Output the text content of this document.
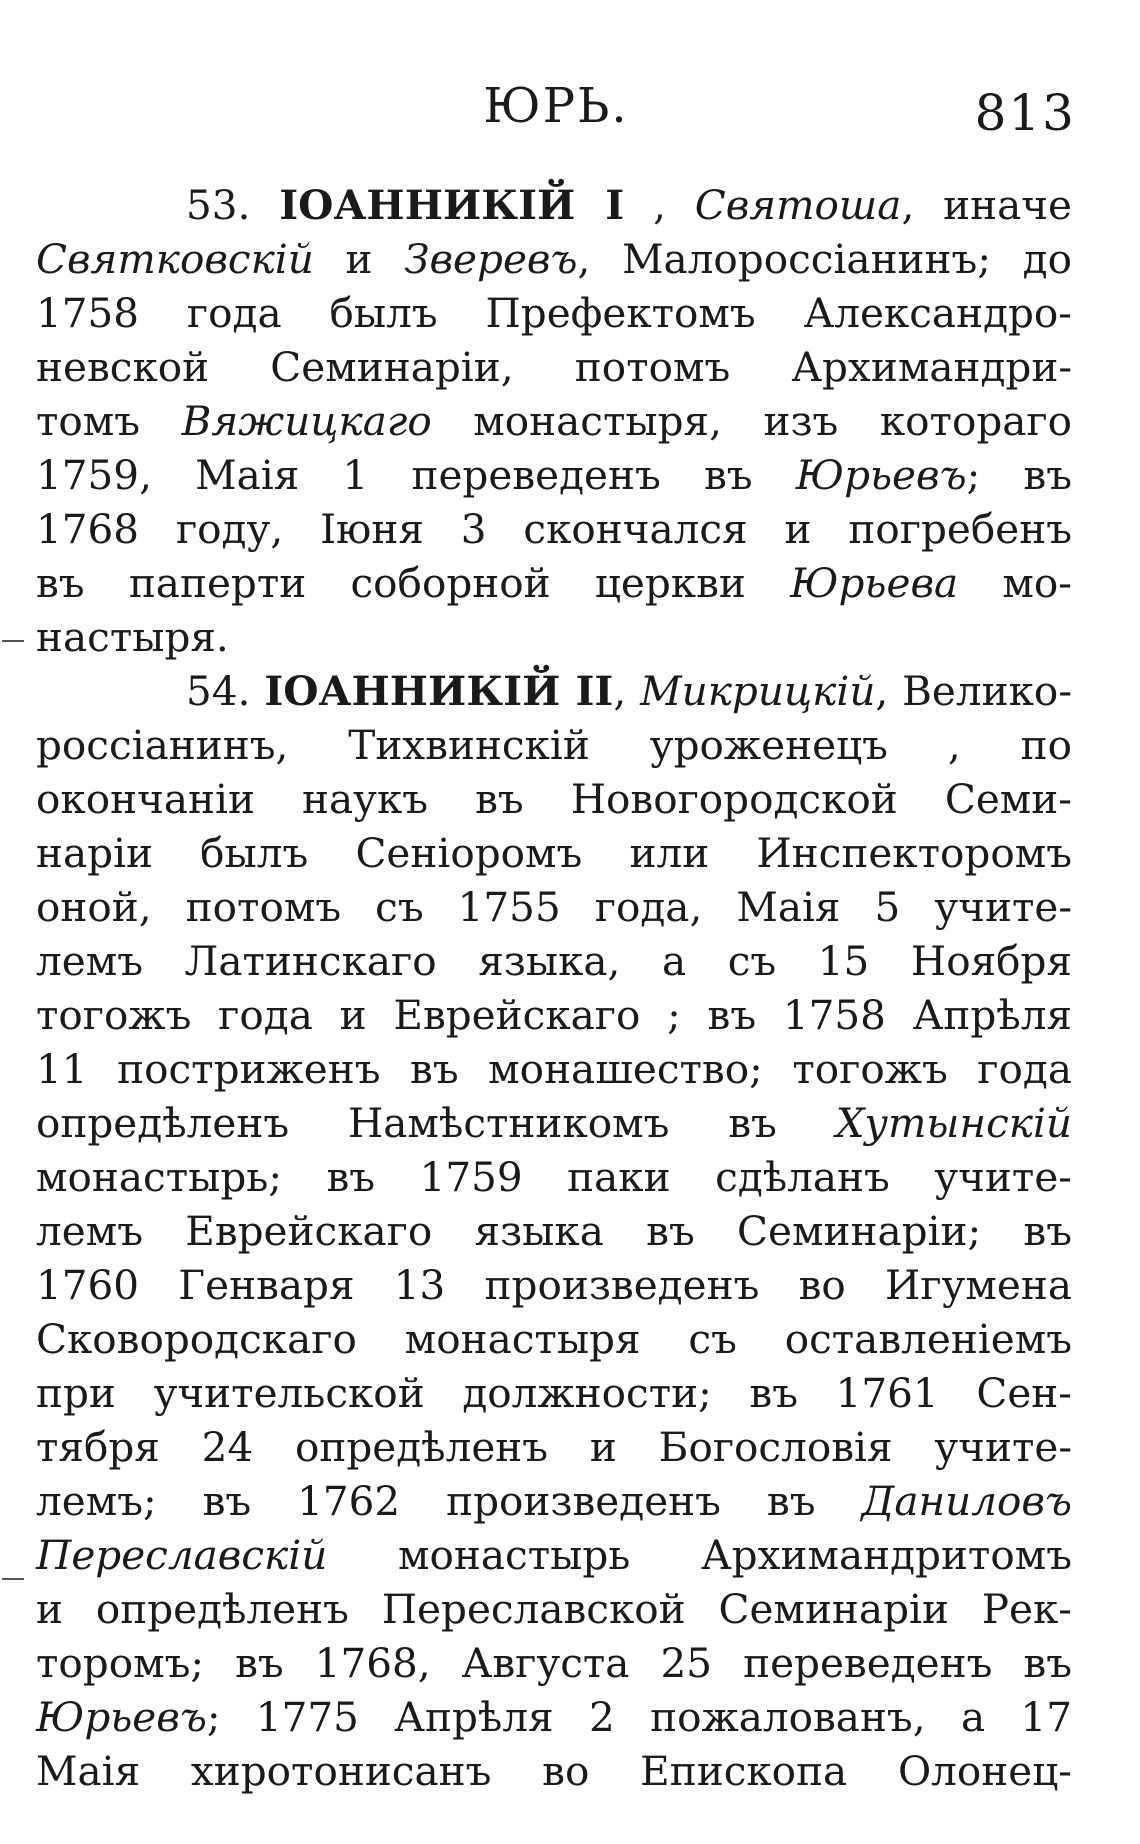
ЮРЬ.	813
53. ІОАННИКІЙ І , Святоша, иначе
Святковскій и Зверевъ, Малороссіанинъ; до
1758 года былъ Префектомъ Александро-
невской Семинаріи, потомъ Архимандри-
томъ Вяжицкаго монастыря, изъ котораго
1759, Маія 1 переведенъ въ Юрьевъ; въ
1768 году, Іюня 3 скончался и погребенъ
въ паперти соборной церкви Юрьева мо-
настыря.
54. ІОАННИКІЙ ІІ, Микрицкій, Велико-
россіанинъ, Тихвинскій уроженецъ , по
окончаніи наукъ въ Новогородской Семи-
наріи былъ Сеніоромъ или Инспекторомъ
оной, потомъ съ 1755 года, Маія 5 учите-
лемъ Латинскаго языка, а съ 15 Ноября
тогожъ года и Еврейскаго ; въ 1758 Апрѣля
11 постриженъ въ монашество; тогожъ года
опредѣленъ Намѣстникомъ въ Хутынскій
монастырь; въ 1759 паки сдѣланъ учите-
лемъ Еврейскаго языка въ Семинаріи; въ
1760 Генваря 13 произведенъ во Игумена
Сковородскаго монастыря съ оставленіемъ
при учительской должности; въ 1761 Сен-
тября 24 опредѣленъ и Богословія учите-
лемъ; въ 1762 произведенъ въ Даниловъ
Переславскій монастырь Архимандритомъ
и опредѣленъ Переславской Семинаріи Рек-
торомъ; въ 1768, Августа 25 переведенъ въ
Юрьевъ; 1775 Апрѣля 2 пожалованъ, а 17
Маія хиротонисанъ во Епископа Олонец-
